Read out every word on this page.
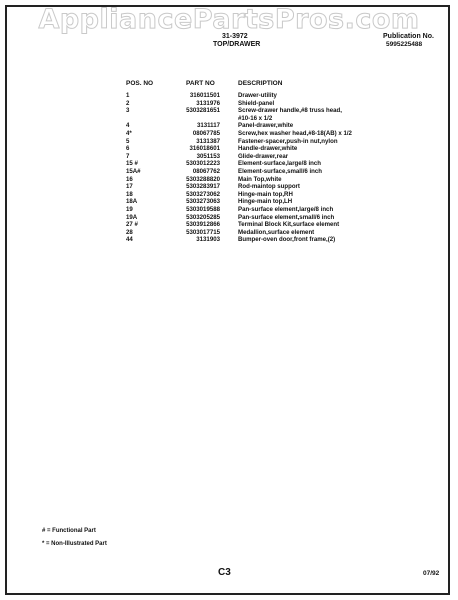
AppliancePartsPros.com
31-3972
TOP/DRAWER
Publication No.
5995225488
POS. NO	PART NO	DESCRIPTION
1	316011501	Drawer-utility
2	3131976	Shield-panel
3	5303281651	Screw-drawer handle,#8 truss head,
#10-16 x 1/2
4	3131117	Panel-drawer,white
4*	08067785	Screw,hex washer head,#8-18(AB) x 1/2
5	3131387	Fastener-spacer,push-in nut,nylon
6	316018601	Handle-drawer,white
7	3051153	Glide-drawer,rear
15 #	5303012223	Element-surface,large/8 inch
15A#	08067762	Element-surface,small/6 inch
16	5303288820	Main Top,white
17	5303283917	Rod-maintop support
18	5303273062	Hinge-main top,RH
18A	5303273063	Hinge-main top,LH
19	5303019588	Pan-surface element,large/8 inch
19A	5303205285	Pan-surface element,small/6 inch
27 #	5303912866	Terminal Block Kit,surface element
28	5303017715	Medallion,surface element
44	3131903	Bumper-oven door,front frame,(2)
# = Functional Part
* = Non-Illustrated Part
C3	07/92
